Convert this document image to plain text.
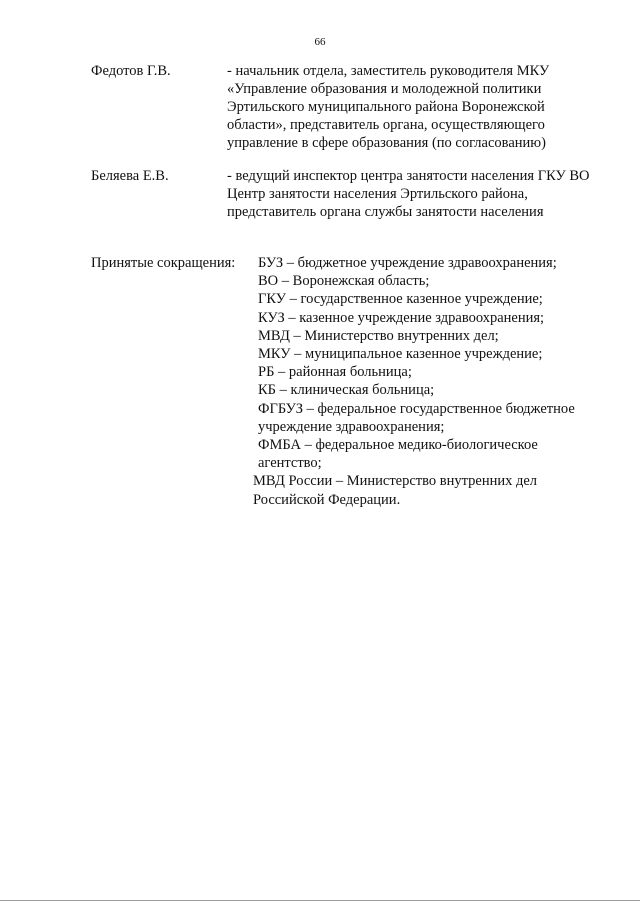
66
Федотов Г.В.	- начальник отдела, заместитель руководителя МКУ
«Управление образования и молодежной политики
Эртильского муниципального района Воронежской
области», представитель органа, осуществляющего
управление в сфере образования (по согласованию)
Беляева Е.В.	- ведущий инспектор центра занятости населения ГКУ ВО
Центр занятости населения Эртильского района,
представитель органа службы занятости населения
Принятые сокращения: БУЗ – бюджетное учреждение здравоохранения;
ВО – Воронежская область;
ГКУ – государственное казенное учреждение;
КУЗ – казенное учреждение здравоохранения;
МВД – Министерство внутренних дел;
МКУ – муниципальное казенное учреждение;
РБ – районная больница;
КБ – клиническая больница;
ФГБУЗ – федеральное государственное бюджетное
учреждение здравоохранения;
ФМБА – федеральное медико-биологическое
агентство;
МВД России – Министерство внутренних дел
Российской Федерации.
